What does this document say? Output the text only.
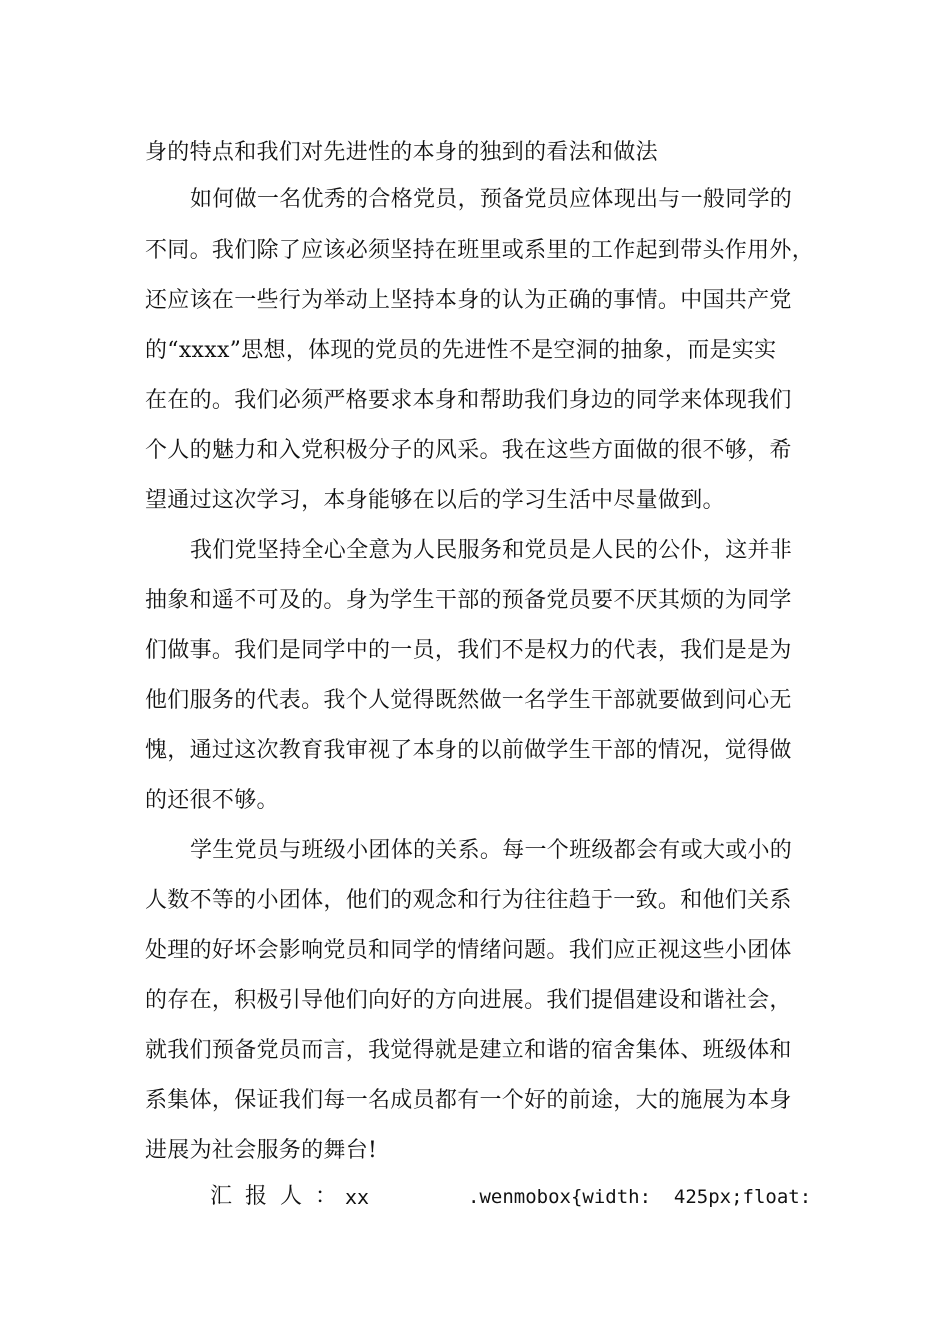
身的特点和我们对先进性的本身的独到的看法和做法
如何做一名优秀的合格党员，预备党员应体现出与一般同学的
不同。我们除了应该必须坚持在班里或系里的工作起到带头作用外，
还应该在一些行为举动上坚持本身的认为正确的事情。中国共产党
的“xxxx”思想，体现的党员的先进性不是空洞的抽象，而是实实
在在的。我们必须严格要求本身和帮助我们身边的同学来体现我们
个人的魅力和入党积极分子的风采。我在这些方面做的很不够，希
望通过这次学习，本身能够在以后的学习生活中尽量做到。
我们党坚持全心全意为人民服务和党员是人民的公仆，这并非
抽象和遥不可及的。身为学生干部的预备党员要不厌其烦的为同学
们做事。我们是同学中的一员，我们不是权力的代表，我们是是为
他们服务的代表。我个人觉得既然做一名学生干部就要做到问心无
愧，通过这次教育我审视了本身的以前做学生干部的情况，觉得做
的还很不够。
学生党员与班级小团体的关系。每一个班级都会有或大或小的
人数不等的小团体，他们的观念和行为往往趋于一致。和他们关系
处理的好坏会影响党员和同学的情绪问题。我们应正视这些小团体
的存在，积极引导他们向好的方向进展。我们提倡建设和谐社会，
就我们预备党员而言，我觉得就是建立和谐的宿舍集体、班级体和
系集体，保证我们每一名成员都有一个好的前途，大的施展为本身
进展为社会服务的舞台!
汇报人：
xx	.wenmobox{width:  425px;float:
